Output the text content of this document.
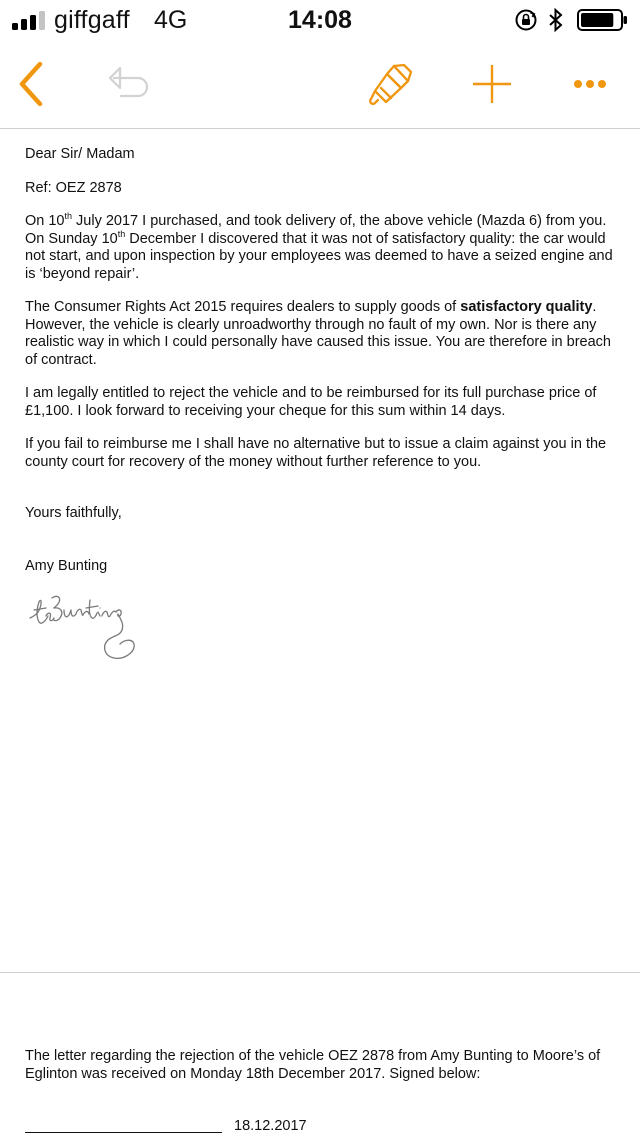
giffgaff 4G	14:08

Dear Sir/ Madam

Ref: OEZ 2878

On 10th July 2017 I purchased, and took delivery of, the above vehicle (Mazda 6) from you. On Sunday 10th December I discovered that it was not of satisfactory quality: the car would not start, and upon inspection by your employees was deemed to have a seized engine and is ‘beyond repair’.

The Consumer Rights Act 2015 requires dealers to supply goods of satisfactory quality. However, the vehicle is clearly unroadworthy through no fault of my own. Nor is there any realistic way in which I could personally have caused this issue. You are therefore in breach of contract.

I am legally entitled to reject the vehicle and to be reimbursed for its full purchase price of £1,100. I look forward to receiving your cheque for this sum within 14 days.

If you fail to reimburse me I shall have no alternative but to issue a claim against you in the county court for recovery of the money without further reference to you.

Yours faithfully,

Amy Bunting

The letter regarding the rejection of the vehicle OEZ 2878 from Amy Bunting to Moore’s of Eglinton was received on Monday 18th December 2017. Signed below:
18.12.2017
